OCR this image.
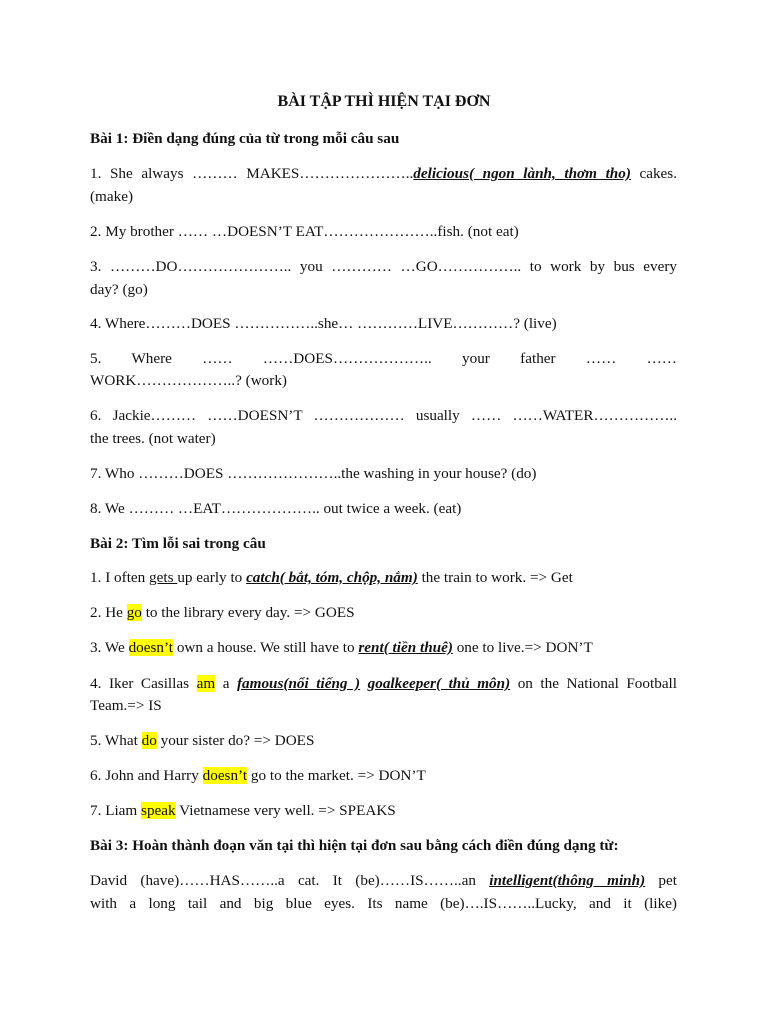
BÀI TẬP THÌ HIỆN TẠI ĐƠN
Bài 1: Điền dạng đúng của từ trong mỗi câu sau
1. She always ……… MAKES…………………..delicious( ngon lành, thơm tho) cakes.
(make)
2. My brother …… …DOESN’T EAT…………………..fish. (not eat)
3. ………DO………………….. you ………… …GO…………….. to work by bus every
day? (go)
4. Where………DOES ……………..she… …………LIVE…………? (live)
5. Where …… ……DOES……………….. your father …… ……
WORK………………..? (work)
6. Jackie……… ……DOESN’T ……………… usually …… ……WATER……………..
the trees. (not water)
7. Who ………DOES …………………..the washing in your house? (do)
8. We ……… …EAT……………….. out twice a week. (eat)
Bài 2: Tìm lỗi sai trong câu
1. I often gets up early to catch( bắt, tóm, chộp, nắm) the train to work. => Get
2. He go to the library every day. => GOES
3. We doesn’t own a house. We still have to rent( tiền thuê) one to live.=> DON’T
4. Iker Casillas am a famous(nổi tiếng ) goalkeeper( thủ môn) on the National Football
Team.=> IS
5. What do your sister do? => DOES
6. John and Harry doesn’t go to the market. => DON’T
7. Liam speak Vietnamese very well. => SPEAKS
Bài 3: Hoàn thành đoạn văn tại thì hiện tại đơn sau bằng cách điền đúng dạng từ:
David (have)……HAS……..a cat. It (be)……IS……..an intelligent(thông minh) pet
with a long tail and big blue eyes. Its name (be)….IS……..Lucky, and it (like)
